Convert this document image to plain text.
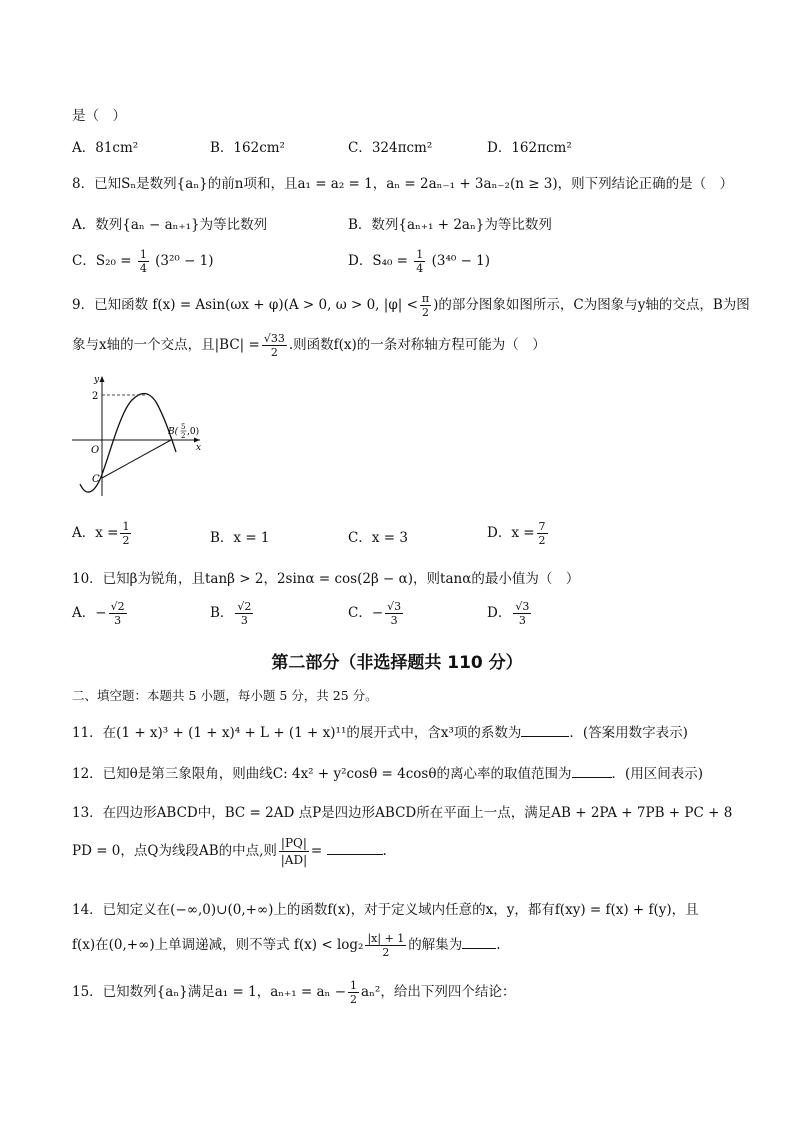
是（　）
A．81cm²	B．162cm²	C．324πcm²	D．162πcm²
8．已知Sₙ是数列{aₙ}的前n项和，且a₁ = a₂ = 1，aₙ = 2aₙ₋₁ + 3aₙ₋₂(n ≥ 3)，则下列结论正确的是（　）
A．数列{aₙ − aₙ₊₁}为等比数列	B．数列{aₙ₊₁ + 2aₙ}为等比数列
C．$S_{20} = \frac{1}{4} (3^{20} - 1)$	D．$S_{40} = \frac{1}{4} (3^{40} - 1)$
9．已知函数 f(x) = Asin(ωx + φ)(A > 0, ω > 0, $|\varphi| < \frac{\pi}{2}$ )的部分图象如图所示，C为图象与y轴的交点，B为图
象与x轴的一个交点，且$|BC| = \frac{√33}{2}$ .则函数f(x)的一条对称轴方程可能为（　）
y
x
O
2
C
B( 5
2 ,0)
A．$x = \frac{1}{2}$	B．x = 1	C．x = 3	D．$x = \frac{7}{2}$
10．已知β为锐角，且tanβ > 2，2sinα = cos(2β − α)，则tanα的最小值为（　）
A．− $\frac{√2}{3}$	B． $\frac{√2}{3}$	C．− $\frac{√3}{3}$	D． $\frac{√3}{3}$
第二部分（非选择题共 110 分）
二、填空题：本题共 5 小题，每小题 5 分，共 25 分。
11．在(1 + x)³ + (1 + x)⁴ + L + (1 + x)¹¹的展开式中，含x³项的系数为	．(答案用数字表示)
12．已知θ是第三象限角，则曲线C: 4x² + y²cosθ = 4cosθ的离心率的取值范围为	．(用区间表示)
13．在四边形ABCD中，BC = 2AD 点P是四边形ABCD所在平面上一点，满足AB + 2PA + 7PB + PC + 8
PD = 0，点Q为线段AB的中点,则 $\frac{|PQ|}{|AD|}$ =	.
14．已知定义在(−∞,0)∪(0,+∞)上的函数f(x)，对于定义域内任意的x，y，都有f(xy) = f(x) + f(y)，且
f(x)在(0,+∞)上单调递减，则不等式 $f(x) < \log_2 \frac{|x| + 1}{2}$ 的解集为	.
15．已知数列{aₙ}满足a₁ = 1，$a_{n+1} = a_n - \frac{1}{2} a_n^2$，给出下列四个结论：
